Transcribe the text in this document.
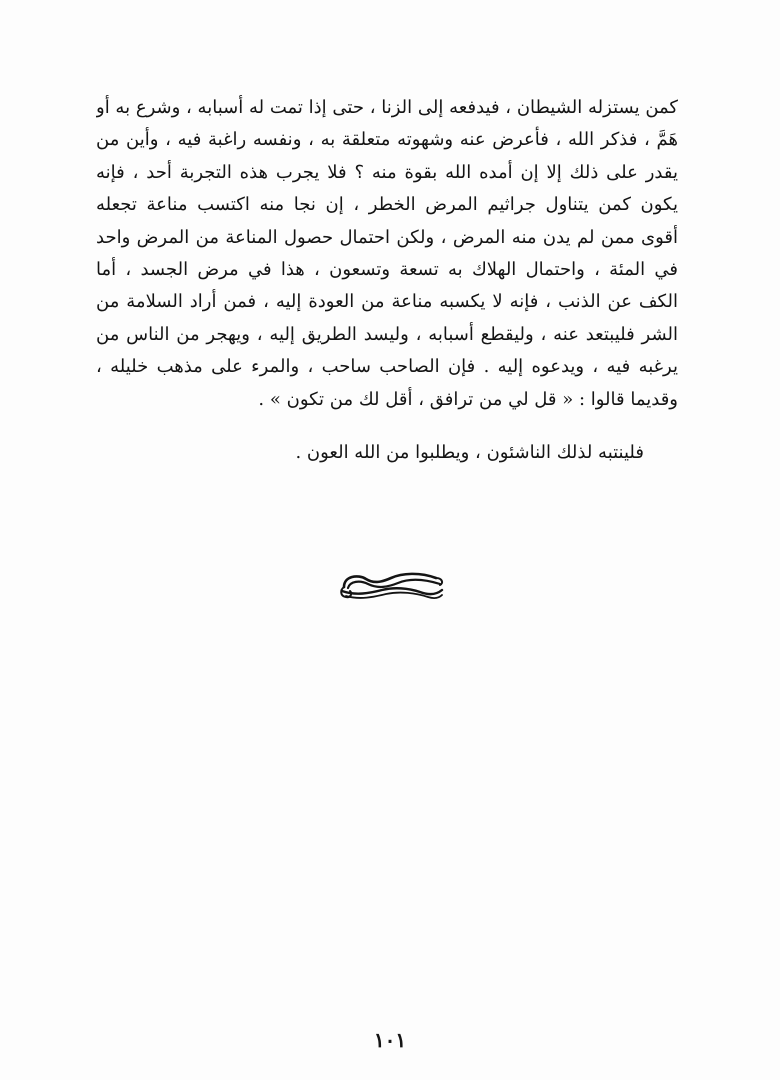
كمن يستزله الشيطان ، فيدفعه إلى الزنا ، حتى إذا تمت له أسبابه ، وشرع به أو
هَمَّ ، فذكر الله ، فأعرض عنه وشهوته متعلقة به ، ونفسه راغبة فيه ، وأين من
يقدر على ذلك إلا إن أمده الله بقوة منه ؟ فلا يجرب هذه التجربة أحد ، فإنه
يكون كمن يتناول جراثيم المرض الخطر ، إن نجا منه اكتسب مناعة تجعله
أقوى ممن لم يدن منه المرض ، ولكن احتمال حصول المناعة من المرض واحد
في المئة ، واحتمال الهلاك به تسعة وتسعون ، هذا في مرض الجسد ، أما
الكف عن الذنب ، فإنه لا يكسبه مناعة من العودة إليه ، فمن أراد السلامة من
الشر فليبتعد عنه ، وليقطع أسبابه ، وليسد الطريق إليه ، ويهجر من الناس من
يرغبه فيه ، ويدعوه إليه . فإن الصاحب ساحب ، والمرء على مذهب خليله ،
وقديما قالوا : « قل لي من ترافق ، أقل لك من تكون » .
فلينتبه لذلك الناشئون ، ويطلبوا من الله العون .
١٠١
